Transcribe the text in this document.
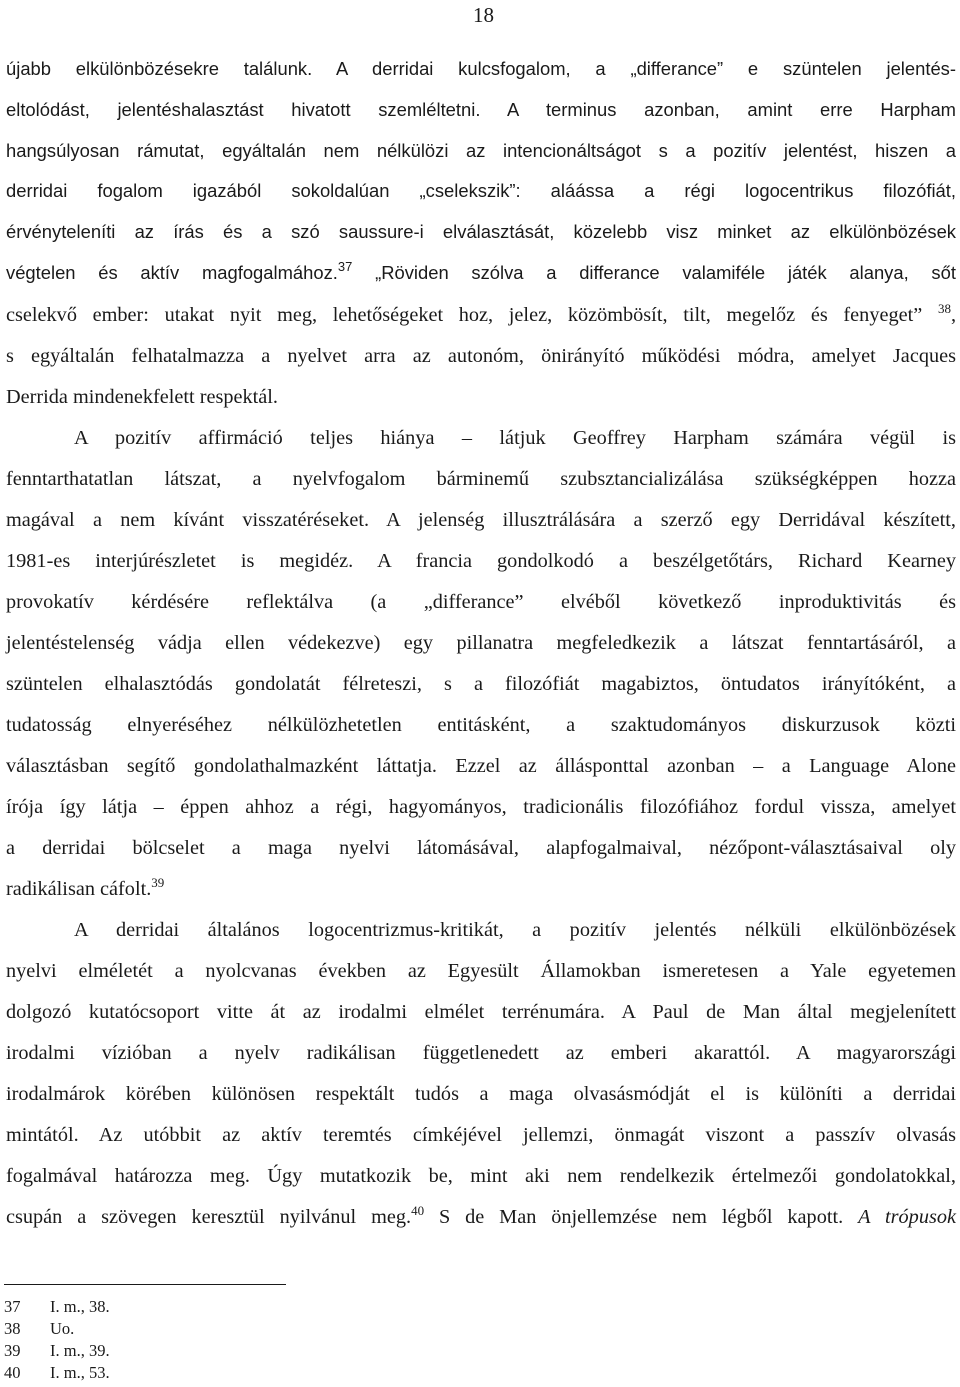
18
újabb elkülönbözésekre találunk. A derridai kulcsfogalom, a „differance” e szüntelen jelentés-
eltolódást, jelentéshalasztást hivatott szemléltetni. A terminus azonban, amint erre Harpham
hangsúlyosan rámutat, egyáltalán nem nélkülözi az intencionáltságot s a pozitív jelentést, hiszen a
derridai fogalom igazából sokoldalúan „cselekszik”: aláássa a régi logocentrikus filozófiát,
érvényteleníti az írás és a szó saussure-i elválasztását, közelebb visz minket az elkülönbözések
végtelen és aktív magfogalmához.$^{37}$ „Röviden szólva a differance valamiféle játék alanya, sőt
cselekvő ember: utakat nyit meg, lehetőségeket hoz, jelez, közömbösít, tilt, megelőz és fenyeget” $^{38}$,
s egyáltalán felhatalmazza a nyelvet arra az autonóm, önirányító működési módra, amelyet Jacques
Derrida mindenekfelett respektál.
A pozitív affirmáció teljes hiánya – látjuk Geoffrey Harpham számára végül is
fenntarthatatlan látszat, a nyelvfogalom bárminemű szubsztancializálása szükségképpen hozza
magával a nem kívánt visszatéréseket. A jelenség illusztrálására a szerző egy Derridával készített,
1981-es interjúrészletet is megidéz. A francia gondolkodó a beszélgetőtárs, Richard Kearney
provokatív kérdésére reflektálva (a „differance” elvéből következő inproduktivitás és
jelentéstelenség vádja ellen védekezve) egy pillanatra megfeledkezik a látszat fenntartásáról, a
szüntelen elhalasztódás gondolatát félreteszi, s a filozófiát magabiztos, öntudatos irányítóként, a
tudatosság elnyeréséhez nélkülözhetetlen entitásként, a szaktudományos diskurzusok közti
választásban segítő gondolathalmazként láttatja. Ezzel az állásponttal azonban – a Language Alone
írója így látja – éppen ahhoz a régi, hagyományos, tradicionális filozófiához fordul vissza, amelyet
a derridai bölcselet a maga nyelvi látomásával, alapfogalmaival, nézőpont-választásaival oly
radikálisan cáfolt.$^{39}$
A derridai általános logocentrizmus-kritikát, a pozitív jelentés nélküli elkülönbözések
nyelvi elméletét a nyolcvanas években az Egyesült Államokban ismeretesen a Yale egyetemen
dolgozó kutatócsoport vitte át az irodalmi elmélet terrénumára. A Paul de Man által megjelenített
irodalmi vízióban a nyelv radikálisan függetlenedett az emberi akarattól. A magyarországi
irodalmárok körében különösen respektált tudós a maga olvasásmódját el is különíti a derridai
mintától. Az utóbbit az aktív teremtés címkéjével jellemzi, önmagát viszont a passzív olvasás
fogalmával határozza meg. Úgy mutatkozik be, mint aki nem rendelkezik értelmezői gondolatokkal,
csupán a szövegen keresztül nyilvánul meg.$^{40}$ S de Man önjellemzése nem légből kapott. A trópusok
37 I. m., 38.
38 Uo.
39 I. m., 39.
40 I. m., 53.
